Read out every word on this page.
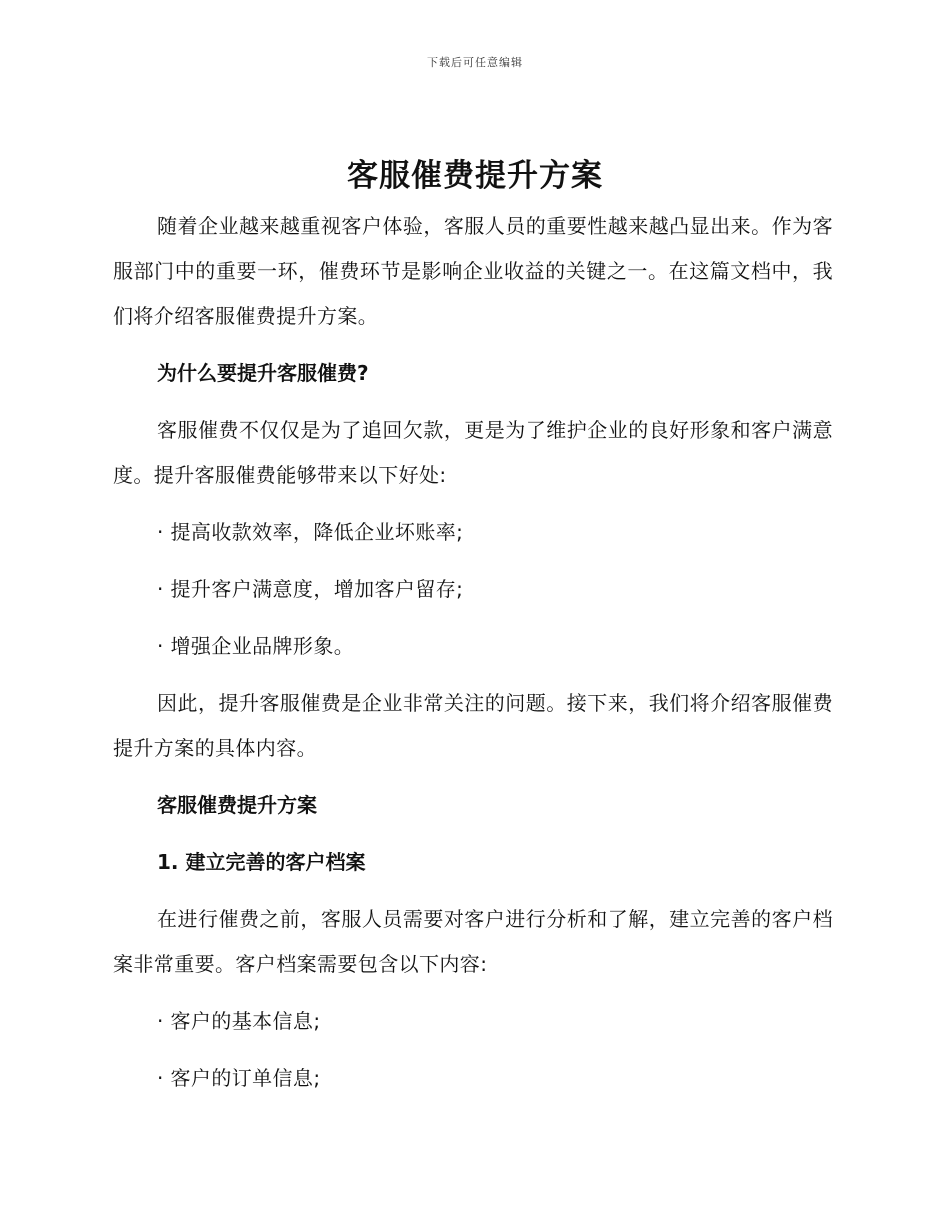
下载后可任意编辑
客服催费提升方案

随着企业越来越重视客户体验，客服人员的重要性越来越凸显出来。作为客服部门中的重要一环，催费环节是影响企业收益的关键之一。在这篇文档中，我们将介绍客服催费提升方案。

为什么要提升客服催费?

客服催费不仅仅是为了追回欠款，更是为了维护企业的良好形象和客户满意度。提升客服催费能够带来以下好处:

· 提高收款效率，降低企业坏账率;

· 提升客户满意度，增加客户留存;

· 增强企业品牌形象。

因此，提升客服催费是企业非常关注的问题。接下来，我们将介绍客服催费提升方案的具体内容。

客服催费提升方案

1. 建立完善的客户档案

在进行催费之前，客服人员需要对客户进行分析和了解，建立完善的客户档案非常重要。客户档案需要包含以下内容:

· 客户的基本信息;

· 客户的订单信息;
